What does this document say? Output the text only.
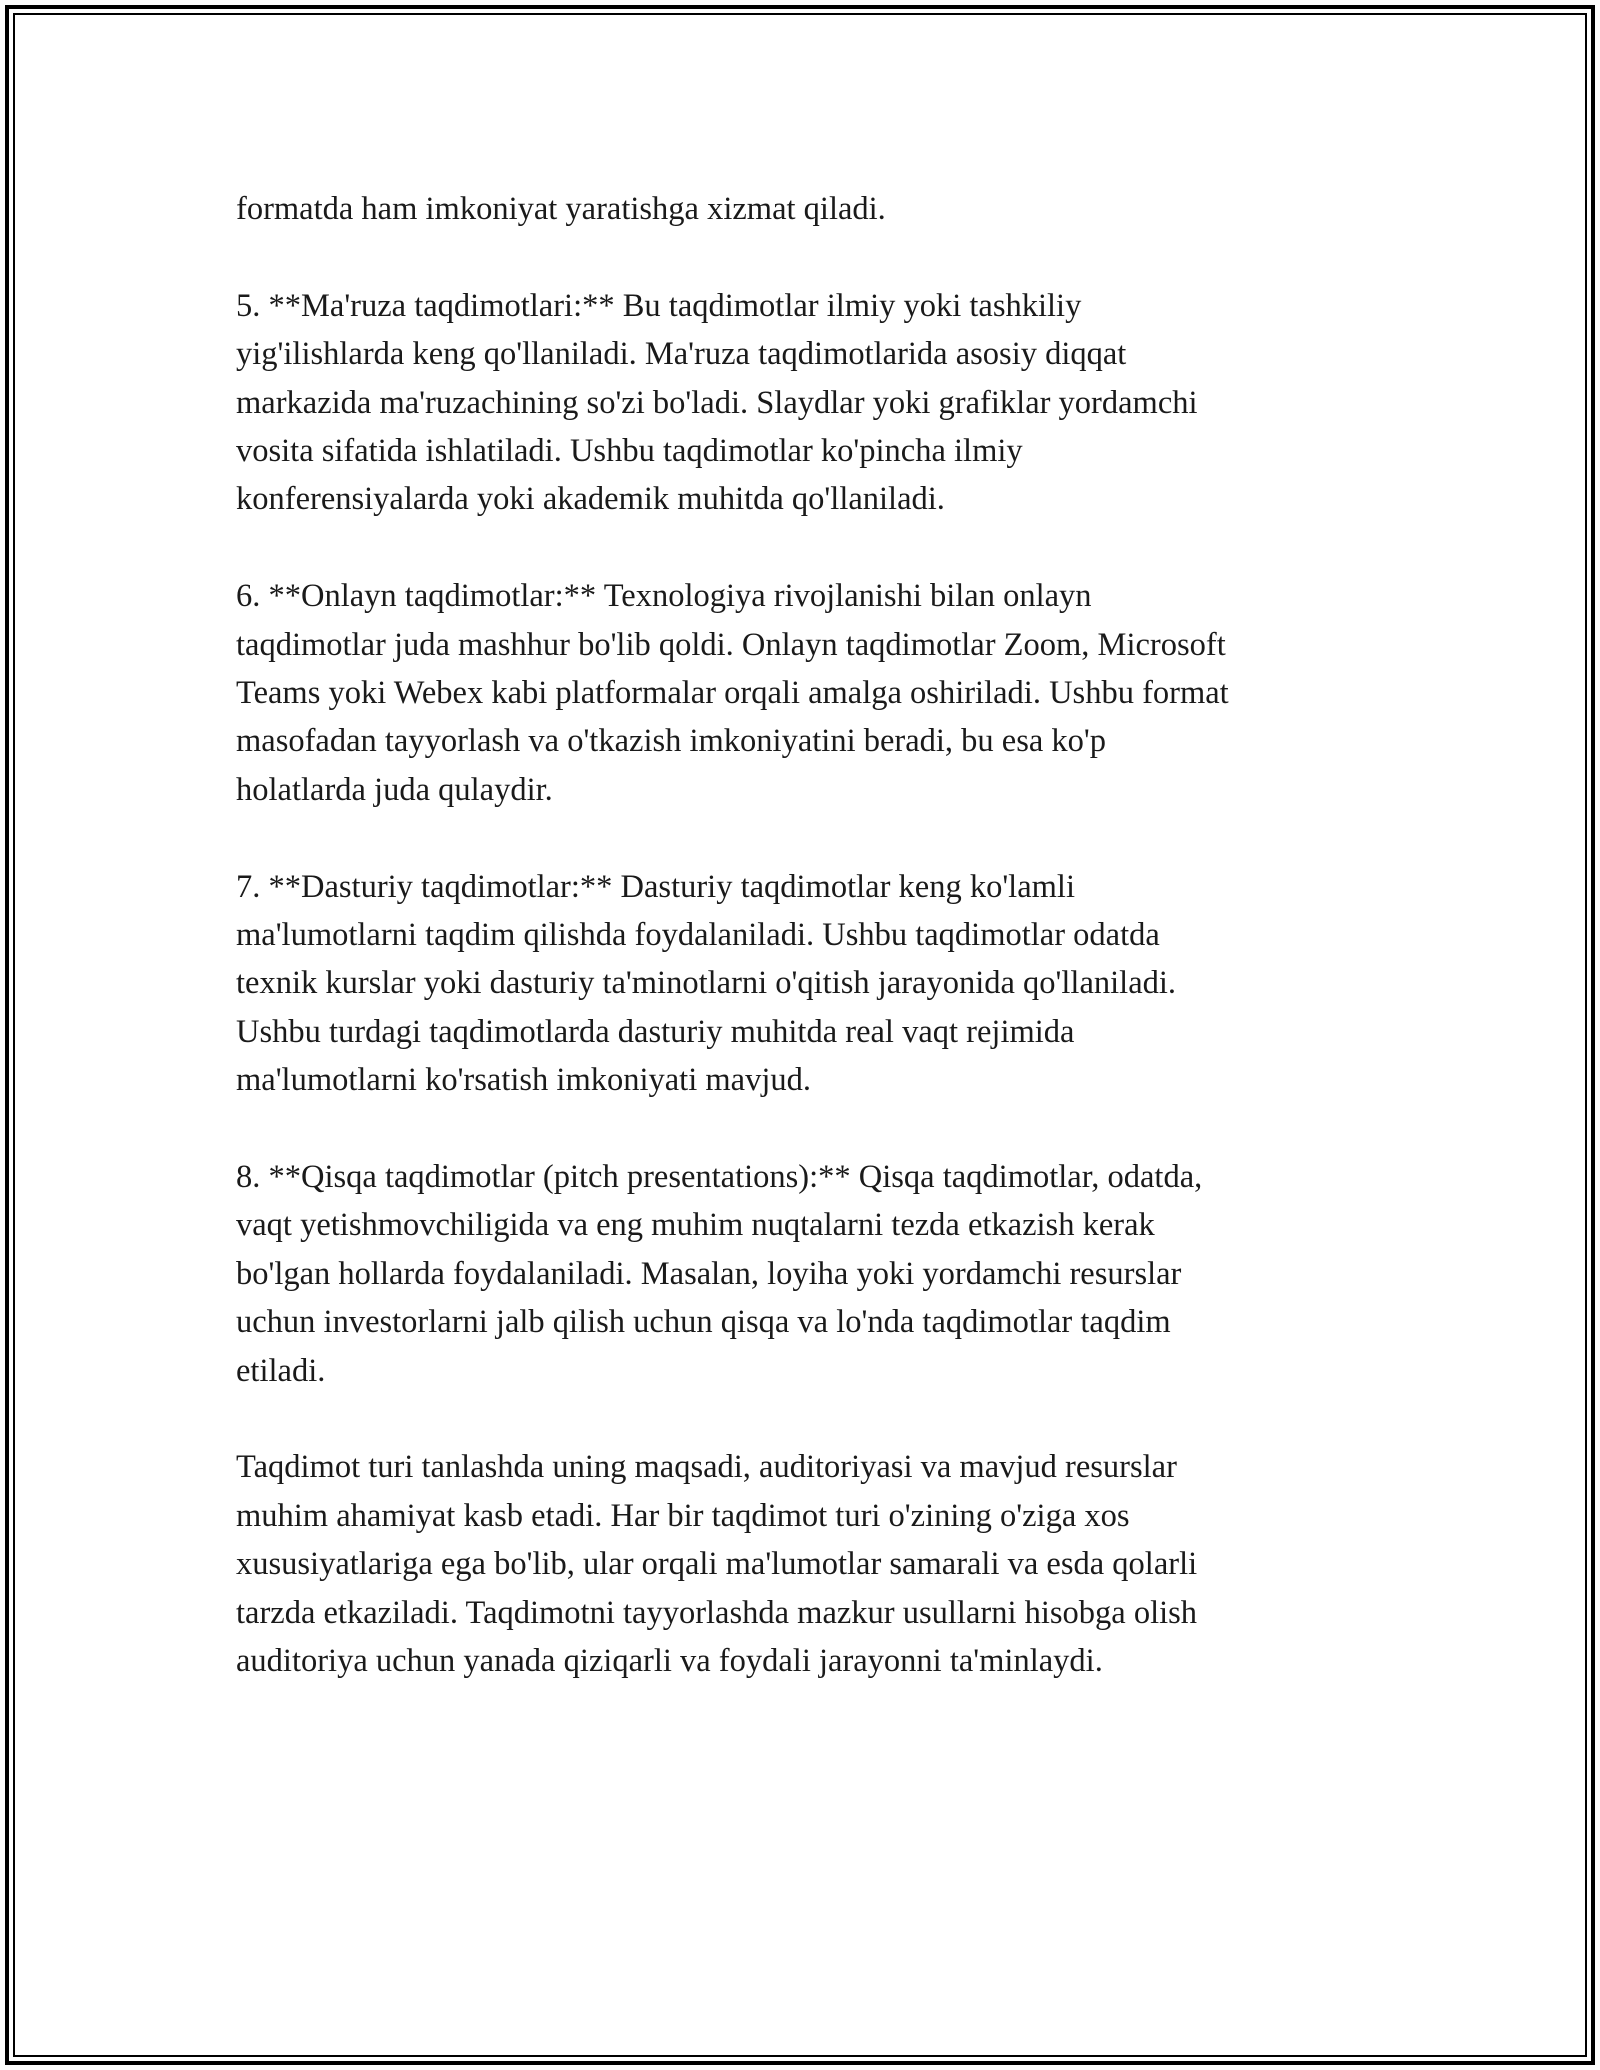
formatda ham imkoniyat yaratishga xizmat qiladi.

5. **Ma'ruza taqdimotlari:** Bu taqdimotlar ilmiy yoki tashkiliy
yig'ilishlarda keng qo'llaniladi. Ma'ruza taqdimotlarida asosiy diqqat
markazida ma'ruzachining so'zi bo'ladi. Slaydlar yoki grafiklar yordamchi
vosita sifatida ishlatiladi. Ushbu taqdimotlar ko'pincha ilmiy
konferensiyalarda yoki akademik muhitda qo'llaniladi.

6. **Onlayn taqdimotlar:** Texnologiya rivojlanishi bilan onlayn
taqdimotlar juda mashhur bo'lib qoldi. Onlayn taqdimotlar Zoom, Microsoft
Teams yoki Webex kabi platformalar orqali amalga oshiriladi. Ushbu format
masofadan tayyorlash va o'tkazish imkoniyatini beradi, bu esa ko'p
holatlarda juda qulaydir.

7. **Dasturiy taqdimotlar:** Dasturiy taqdimotlar keng ko'lamli
ma'lumotlarni taqdim qilishda foydalaniladi. Ushbu taqdimotlar odatda
texnik kurslar yoki dasturiy ta'minotlarni o'qitish jarayonida qo'llaniladi.
Ushbu turdagi taqdimotlarda dasturiy muhitda real vaqt rejimida
ma'lumotlarni ko'rsatish imkoniyati mavjud.

8. **Qisqa taqdimotlar (pitch presentations):** Qisqa taqdimotlar, odatda,
vaqt yetishmovchiligida va eng muhim nuqtalarni tezda etkazish kerak
bo'lgan hollarda foydalaniladi. Masalan, loyiha yoki yordamchi resurslar
uchun investorlarni jalb qilish uchun qisqa va lo'nda taqdimotlar taqdim
etiladi.

Taqdimot turi tanlashda uning maqsadi, auditoriyasi va mavjud resurslar
muhim ahamiyat kasb etadi. Har bir taqdimot turi o'zining o'ziga xos
xususiyatlariga ega bo'lib, ular orqali ma'lumotlar samarali va esda qolarli
tarzda etkaziladi. Taqdimotni tayyorlashda mazkur usullarni hisobga olish
auditoriya uchun yanada qiziqarli va foydali jarayonni ta'minlaydi.
